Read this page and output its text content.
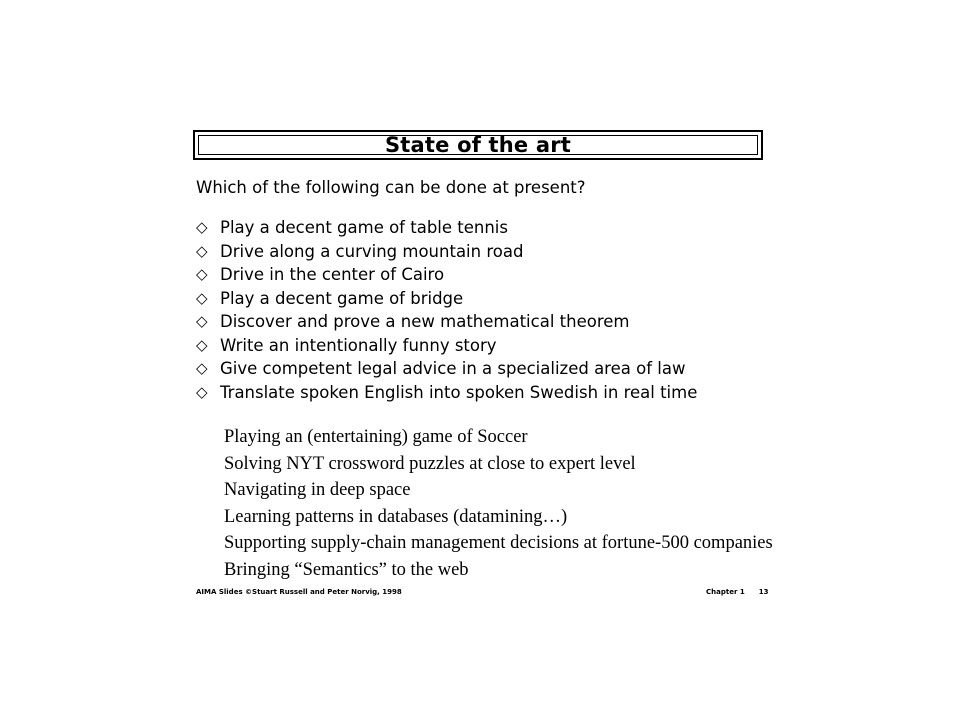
State of the art
Which of the following can be done at present?
◇ Play a decent game of table tennis
◇ Drive along a curving mountain road
◇ Drive in the center of Cairo
◇ Play a decent game of bridge
◇ Discover and prove a new mathematical theorem
◇ Write an intentionally funny story
◇ Give competent legal advice in a specialized area of law
◇ Translate spoken English into spoken Swedish in real time
Playing an (entertaining) game of Soccer
Solving NYT crossword puzzles at close to expert level
Navigating in deep space
Learning patterns in databases (datamining…)
Supporting supply-chain management decisions at fortune-500 companies
Bringing “Semantics” to the web
AIMA Slides ©Stuart Russell and Peter Norvig, 1998	Chapter 1 13
